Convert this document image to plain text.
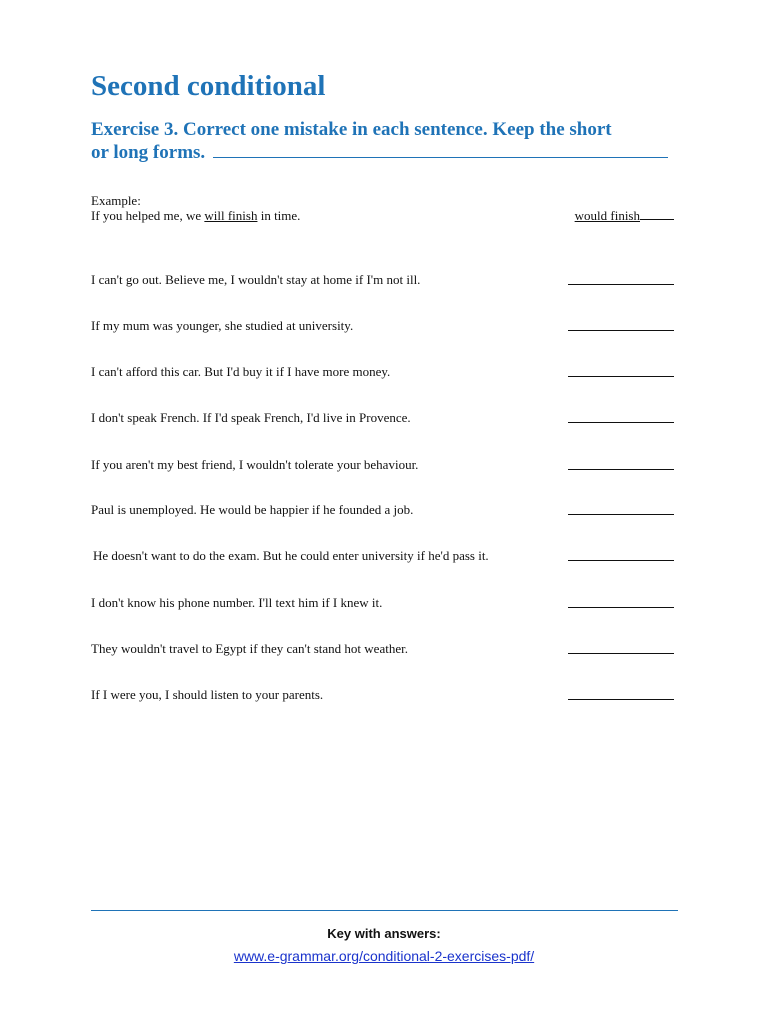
Second conditional

Exercise 3. Correct one mistake in each sentence. Keep the short
or long forms.

Example:
If you helped me, we will finish in time.	would finish
I can't go out. Believe me, I wouldn't stay at home if I'm not ill.
If my mum was younger, she studied at university.
I can't afford this car. But I'd buy it if I have more money.
I don't speak French. If I'd speak French, I'd live in Provence.
If you aren't my best friend, I wouldn't tolerate your behaviour.
Paul is unemployed. He would be happier if he founded a job.
He doesn't want to do the exam. But he could enter university if he'd pass it.
I don't know his phone number. I'll text him if I knew it.
They wouldn't travel to Egypt if they can't stand hot weather.
If I were you, I should listen to your parents.
Key with answers:
www.e-grammar.org/conditional-2-exercises-pdf/
